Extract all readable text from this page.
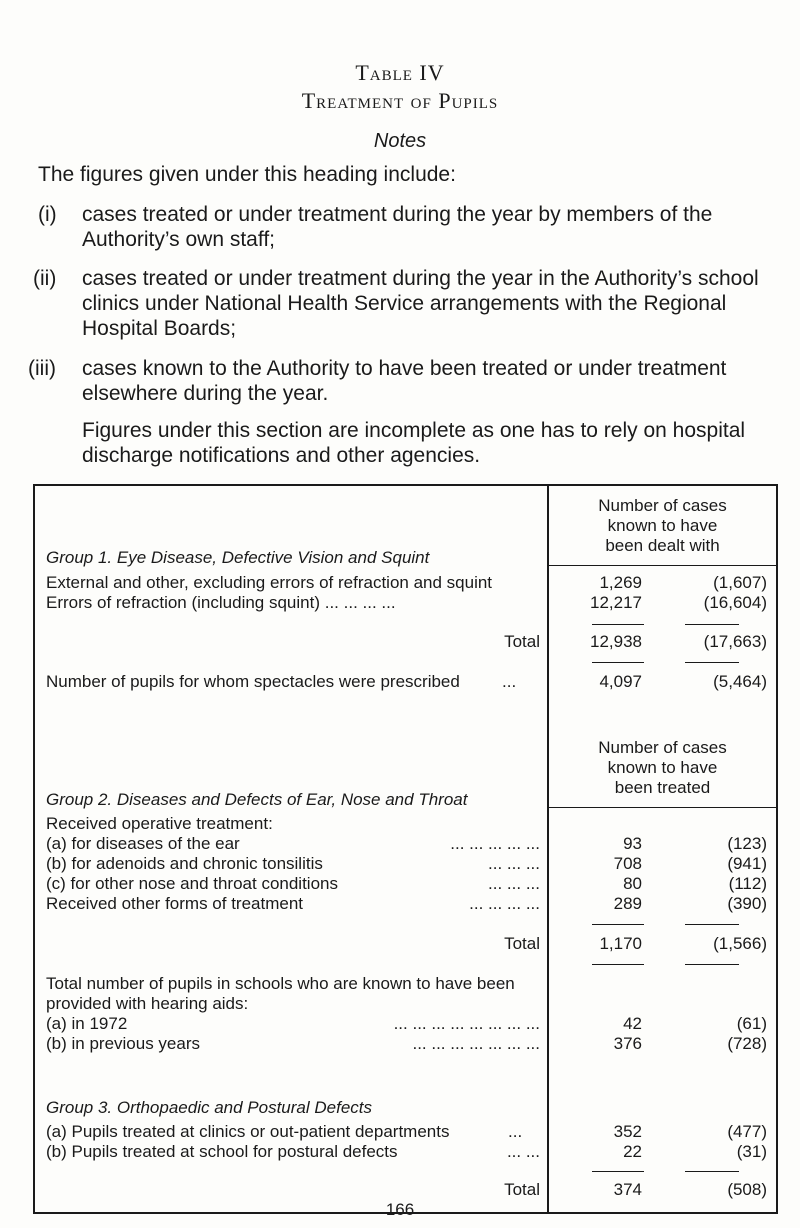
Table IV
Treatment of Pupils
Notes
The figures given under this heading include:
(i) cases treated or under treatment during the year by members of the
Authority’s own staff;
(ii) cases treated or under treatment during the year in the Authority’s school
clinics under National Health Service arrangements with the Regional
Hospital Boards;
(iii) cases known to the Authority to have been treated or under treatment
elsewhere during the year.
Figures under this section are incomplete as one has to rely on hospital
discharge notifications and other agencies.
Number of cases
known to have
been dealt with
Group 1. Eye Disease, Defective Vision and Squint
External and other, excluding errors of refraction and squint	1,269	(1,607)
Errors of refraction (including squint) ... ... ... ...	12,217	(16,604)
Total	12,938	(17,663)
Number of pupils for whom spectacles were prescribed ...	4,097	(5,464)
Number of cases
known to have
been treated
Group 2. Diseases and Defects of Ear, Nose and Throat
Received operative treatment:
(a) for diseases of the ear	... ... ... ... ...	93	(123)
(b) for adenoids and chronic tonsilitis	... ... ...	708	(941)
(c) for other nose and throat conditions	... ... ...	80	(112)
Received other forms of treatment	... ... ... ...	289	(390)
Total	1,170	(1,566)
Total number of pupils in schools who are known to have been
provided with hearing aids:
(a) in 1972	... ... ... ... ... ... ... ...	42	(61)
(b) in previous years	... ... ... ... ... ... ...	376	(728)
Group 3. Orthopaedic and Postural Defects
(a) Pupils treated at clinics or out-patient departments	...	352	(477)
(b) Pupils treated at school for postural defects	... ...	22	(31)
Total	374	(508)
166
